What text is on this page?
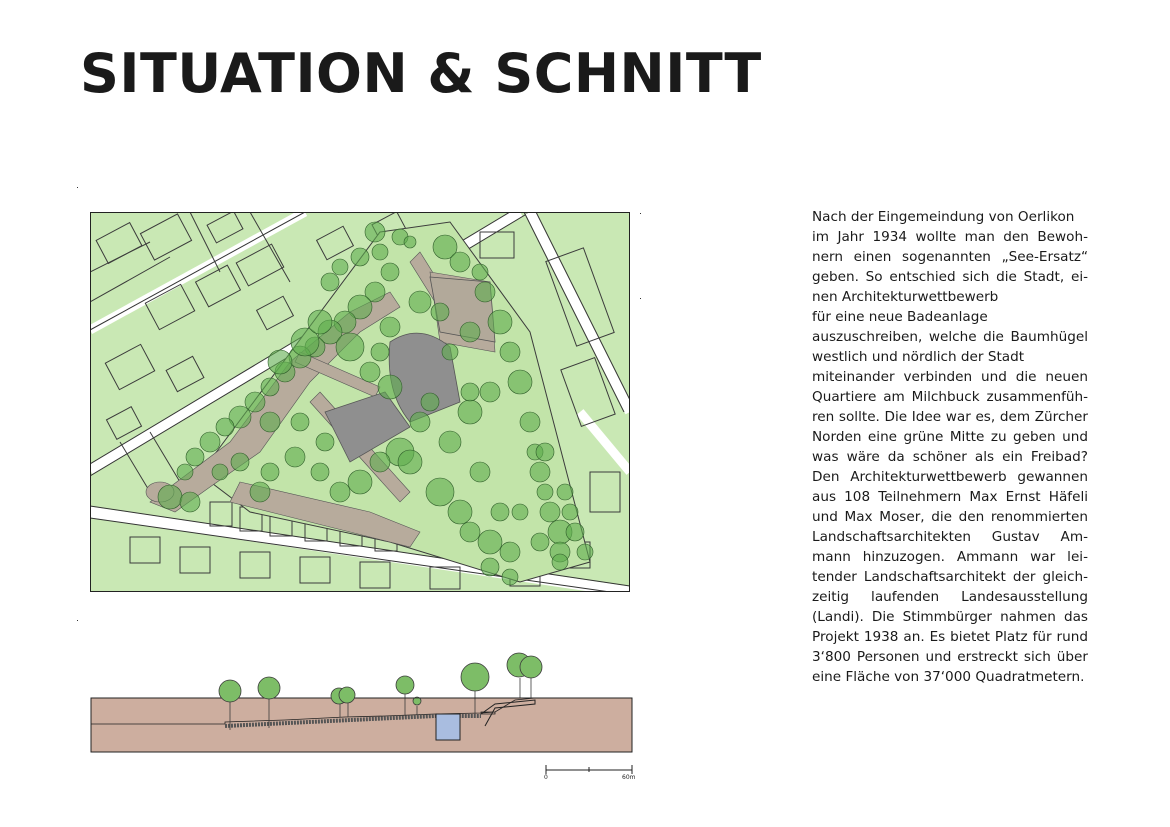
SITUATION & SCHNITT
0	60m
Nach der Eingemeindung von Oerlikon
im Jahr 1934 wollte man den Bewoh-
nern einen sogenannten „See-Ersatz“
geben. So entschied sich die Stadt, ei-
nen Architekturwettbewerb
für eine neue Badeanlage
auszuschreiben, welche die Baumhügel
westlich und nördlich der Stadt
miteinander verbinden und die neuen
Quartiere am Milchbuck zusammenfüh-
ren sollte. Die Idee war es, dem Zürcher
Norden eine grüne Mitte zu geben und
was wäre da schöner als ein Freibad?
Den Architekturwettbewerb gewannen
aus 108 Teilnehmern Max Ernst Häfeli
und Max Moser, die den renommierten
Landschaftsarchitekten Gustav Am-
mann hinzuzogen. Ammann war lei-
tender Landschaftsarchitekt der gleich-
zeitig laufenden Landesausstellung
(Landi). Die Stimmbürger nahmen das
Projekt 1938 an. Es bietet Platz für rund
3‘800 Personen und erstreckt sich über
eine Fläche von 37‘000 Quadratmetern.
